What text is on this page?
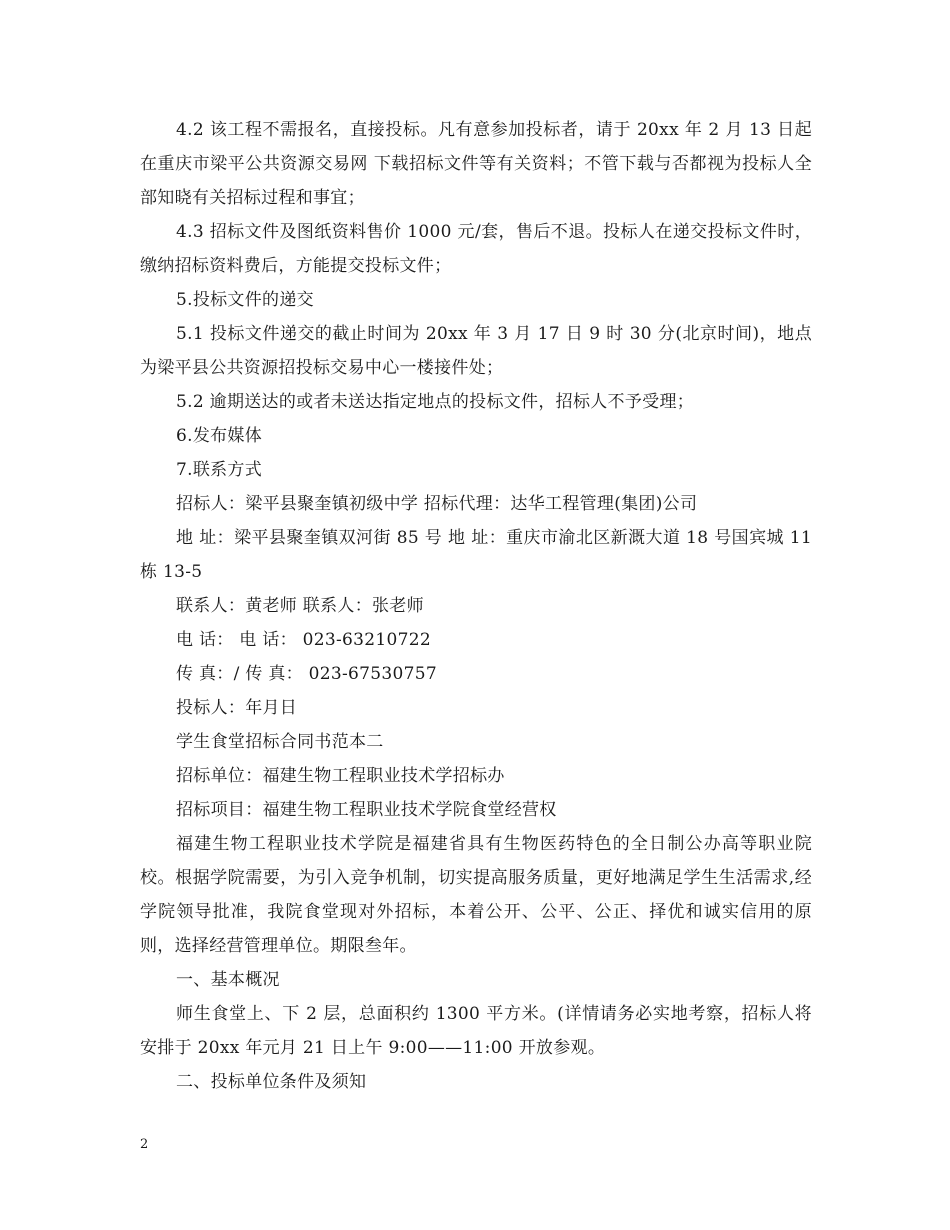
4.2 该工程不需报名，直接投标。凡有意参加投标者，请于 20xx 年 2 月 13 日起在重庆市梁平公共资源交易网 下载招标文件等有关资料；不管下载与否都视为投标人全部知晓有关招标过程和事宜；

4.3 招标文件及图纸资料售价 1000 元/套，售后不退。投标人在递交投标文件时，缴纳招标资料费后，方能提交投标文件；

5.投标文件的递交

5.1 投标文件递交的截止时间为 20xx 年 3 月 17 日 9 时 30 分(北京时间)，地点为梁平县公共资源招投标交易中心一楼接件处；

5.2 逾期送达的或者未送达指定地点的投标文件，招标人不予受理；

6.发布媒体

7.联系方式

招标人：梁平县聚奎镇初级中学 招标代理：达华工程管理(集团)公司

地 址：梁平县聚奎镇双河街 85 号 地 址：重庆市渝北区新溉大道 18 号国宾城 11 栋 13-5

联系人：黄老师 联系人：张老师

电 话： 电 话： 023-63210722

传 真：/ 传 真： 023-67530757

投标人：年月日

学生食堂招标合同书范本二

招标单位：福建生物工程职业技术学招标办

招标项目：福建生物工程职业技术学院食堂经营权

福建生物工程职业技术学院是福建省具有生物医药特色的全日制公办高等职业院校。根据学院需要，为引入竞争机制，切实提高服务质量，更好地满足学生生活需求,经学院领导批准，我院食堂现对外招标，本着公开、公平、公正、择优和诚实信用的原则，选择经营管理单位。期限叁年。

一、基本概况

师生食堂上、下 2 层，总面积约 1300 平方米。(详情请务必实地考察，招标人将安排于 20xx 年元月 21 日上午 9:00——11:00 开放参观。

二、投标单位条件及须知

2
